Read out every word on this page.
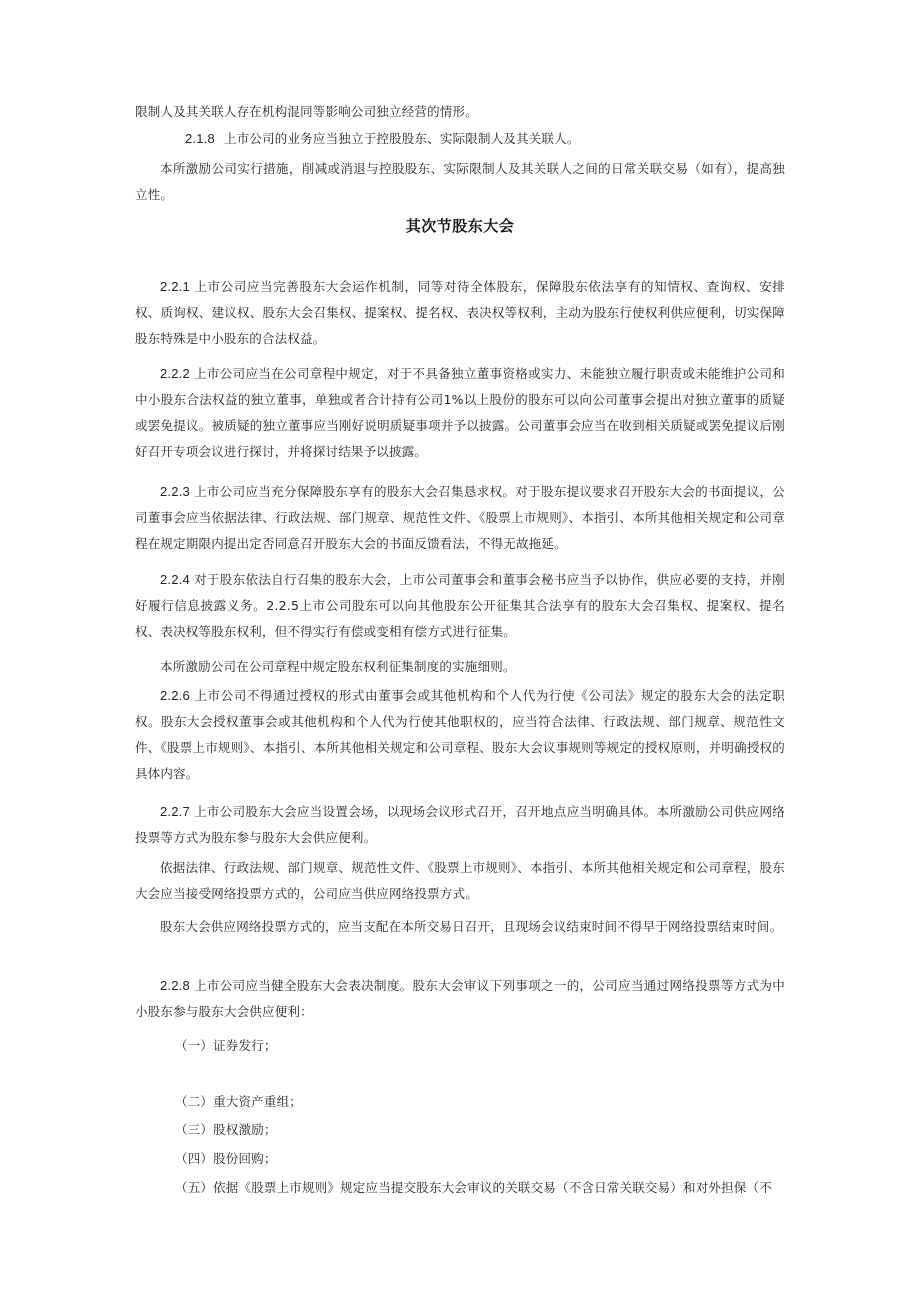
限制人及其关联人存在机构混同等影响公司独立经营的情形。

2.1.8 上市公司的业务应当独立于控股股东、实际限制人及其关联人。

本所激励公司实行措施，削减或消退与控股股东、实际限制人及其关联人之间的日常关联交易（如有），提高独立性。

其次节股东大会

2.2.1 上市公司应当完善股东大会运作机制，同等对待全体股东，保障股东依法享有的知情权、查询权、安排权、质询权、建议权、股东大会召集权、提案权、提名权、表决权等权利，主动为股东行使权利供应便利，切实保障股东特殊是中小股东的合法权益。

2.2.2 上市公司应当在公司章程中规定，对于不具备独立董事资格或实力、未能独立履行职责或未能维护公司和中小股东合法权益的独立董事，单独或者合计持有公司1%以上股份的股东可以向公司董事会提出对独立董事的质疑或罢免提议。被质疑的独立董事应当刚好说明质疑事项并予以披露。公司董事会应当在收到相关质疑或罢免提议后刚好召开专项会议进行探讨，并将探讨结果予以披露。

2.2.3 上市公司应当充分保障股东享有的股东大会召集恳求权。对于股东提议要求召开股东大会的书面提议，公司董事会应当依据法律、行政法规、部门规章、规范性文件、《股票上市规则》、本指引、本所其他相关规定和公司章程在规定期限内提出定否同意召开股东大会的书面反馈看法，不得无故拖延。

2.2.4 对于股东依法自行召集的股东大会，上市公司董事会和董事会秘书应当予以协作，供应必要的支持，并刚好履行信息披露义务。2.2.5上市公司股东可以向其他股东公开征集其合法享有的股东大会召集权、提案权、提名权、表决权等股东权利，但不得实行有偿或变相有偿方式进行征集。

本所激励公司在公司章程中规定股东权利征集制度的实施细则。

2.2.6 上市公司不得通过授权的形式由董事会或其他机构和个人代为行使《公司法》规定的股东大会的法定职权。股东大会授权董事会或其他机构和个人代为行使其他职权的，应当符合法律、行政法规、部门规章、规范性文件、《股票上市规则》、本指引、本所其他相关规定和公司章程、股东大会议事规则等规定的授权原则，并明确授权的具体内容。

2.2.7 上市公司股东大会应当设置会场，以现场会议形式召开，召开地点应当明确具体。本所激励公司供应网络投票等方式为股东参与股东大会供应便利。

依据法律、行政法规、部门规章、规范性文件、《股票上市规则》、本指引、本所其他相关规定和公司章程，股东大会应当接受网络投票方式的，公司应当供应网络投票方式。

股东大会供应网络投票方式的，应当支配在本所交易日召开，且现场会议结束时间不得早于网络投票结束时间。

2.2.8 上市公司应当健全股东大会表决制度。股东大会审议下列事项之一的，公司应当通过网络投票等方式为中小股东参与股东大会供应便利：

（一）证券发行；

（二）重大资产重组；

（三）股权激励；

（四）股份回购；

（五）依据《股票上市规则》规定应当提交股东大会审议的关联交易（不含日常关联交易）和对外担保（不
